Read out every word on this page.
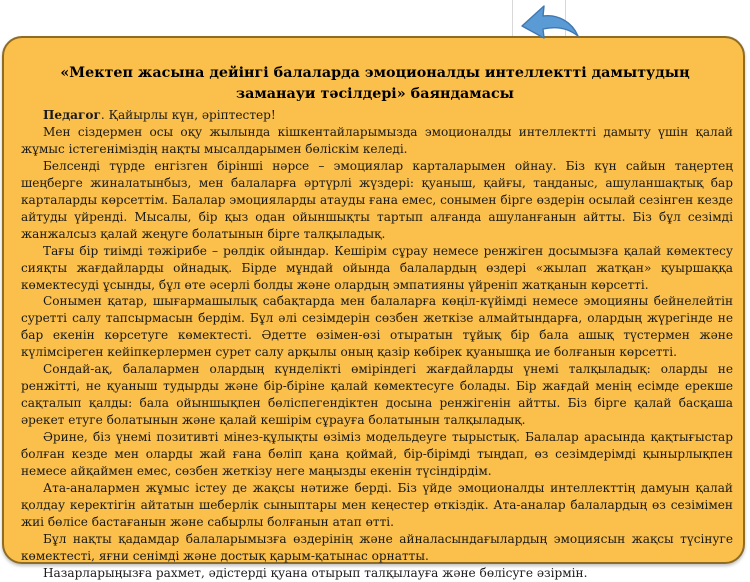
«Мектеп жасына дейінгі балаларда эмоционалды интеллектті дамытудың
заманауи тәсілдері» баяндамасы

Педагог. Қайырлы күн, әріптестер!

Мен сіздермен осы оқу жылында кішкентайларымызда эмоционалды интеллектті дамыту үшін қалай жұмыс істегеніміздің нақты мысалдарымен бөліскім келеді.

Белсенді түрде енгізген бірінші нәрсе – эмоциялар карталарымен ойнау. Біз күн сайын таңертең шеңберге жиналатынбыз, мен балаларға әртүрлі жүздері: қуаныш, қайғы, таңданыс, ашуланшақтық бар карталарды көрсеттім. Балалар эмоцияларды атауды ғана емес, сонымен бірге өздерін осылай сезінген кезде айтуды үйренді. Мысалы, бір қыз одан ойыншықты тартып алғанда ашуланғанын айтты. Біз бұл сезімді жанжалсыз қалай жеңуге болатынын бірге талқыладық.

Тағы бір тиімді тәжірибе – рөлдік ойындар. Кешірім сұрау немесе ренжіген досымызға қалай көмектесу сияқты жағдайларды ойнадық. Бірде мұндай ойында балалардың өздері «жылап жатқан» қуыршаққа көмектесуді ұсынды, бұл өте әсерлі болды және олардың эмпатияны үйреніп жатқанын көрсетті.

Сонымен қатар, шығармашылық сабақтарда мен балаларға көңіл-күйімді немесе эмоцияны бейнелейтін суретті салу тапсырмасын бердім. Бұл әлі сезімдерін сөзбен жеткізе алмайтындарға, олардың жүрегінде не бар екенін көрсетуге көмектесті. Әдетте өзімен-өзі отыратын тұйық бір бала ашық түстермен және күлімсіреген кейіпкерлермен сурет салу арқылы оның қазір көбірек қуанышқа ие болғанын көрсетті.

Сондай-ақ, балалармен олардың күнделікті өміріндегі жағдайларды үнемі талқыладық: оларды не ренжітті, не қуаныш тудырды және бір-біріне қалай көмектесуге болады. Бір жағдай менің есімде ерекше сақталып қалды: бала ойыншықпен бөліспегендіктен досына ренжігенін айтты. Біз бірге қалай басқаша әрекет етуге болатынын және қалай кешірім сұрауға болатынын талқыладық.

Әрине, біз үнемі позитивті мінез-құлықты өзіміз модельдеуге тырыстық. Балалар арасында қақтығыстар болған кезде мен оларды жай ғана бөліп қана қоймай, бір-бірімді тыңдап, өз сезімдерімді қынырлықпен немесе айқаймен емес, сөзбен жеткізу неге маңызды екенін түсіндірдім.

Ата-аналармен жұмыс істеу де жақсы нәтиже берді. Біз үйде эмоционалды интеллекттің дамуын қалай қолдау керектігін айтатын шеберлік сыныптары мен кеңестер өткіздік. Ата-аналар балалардың өз сезімімен жиі бөлісе бастағанын және сабырлы болғанын атап өтті.

Бұл нақты қадамдар балаларымызға өздерінің және айналасындағылардың эмоциясын жақсы түсінуге көмектесті, яғни сенімді және достық қарым-қатынас орнатты.

Назарларыңызға рахмет, әдістерді қуана отырып талқылауға және бөлісуге әзірмін.
